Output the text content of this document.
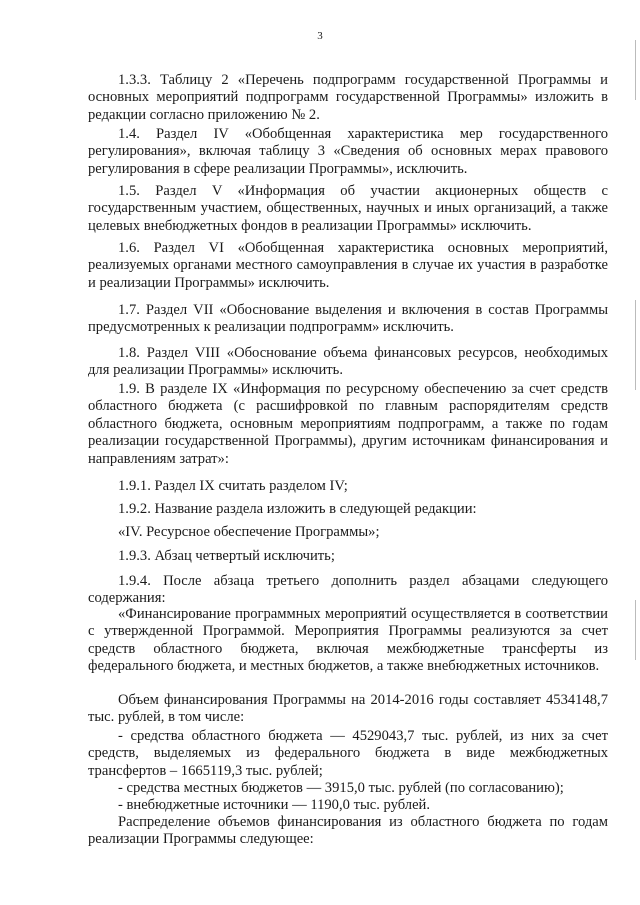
3

1.3.3. Таблицу 2 «Перечень подпрограмм государственной Программы и основных мероприятий подпрограмм государственной Программы» изложить в редакции согласно приложению № 2.

1.4. Раздел IV «Обобщенная характеристика мер государственного регулирования», включая таблицу 3 «Сведения об основных мерах правового регулирования в сфере реализации Программы», исключить.

1.5. Раздел V «Информация об участии акционерных обществ с государственным участием, общественных, научных и иных организаций, а также целевых внебюджетных фондов в реализации Программы» исключить.

1.6. Раздел VI «Обобщенная характеристика основных мероприятий, реализуемых органами местного самоуправления в случае их участия в разработке и реализации Программы» исключить.

1.7. Раздел VII «Обоснование выделения и включения в состав Программы предусмотренных к реализации подпрограмм» исключить.

1.8. Раздел VIII «Обоснование объема финансовых ресурсов, необходимых для реализации Программы» исключить.

1.9. В разделе IX «Информация по ресурсному обеспечению за счет средств областного бюджета (с расшифровкой по главным распорядителям средств областного бюджета, основным мероприятиям подпрограмм, а также по годам реализации государственной Программы), другим источникам финансирования и направлениям затрат»:

1.9.1. Раздел IX считать разделом IV;

1.9.2. Название раздела изложить в следующей редакции:

«IV. Ресурсное обеспечение Программы»;

1.9.3. Абзац четвертый исключить;

1.9.4. После абзаца третьего дополнить раздел абзацами следующего содержания:

«Финансирование программных мероприятий осуществляется в соответствии с утвержденной Программой. Мероприятия Программы реализуются за счет средств областного бюджета, включая межбюджетные трансферты из федерального бюджета, и местных бюджетов, а также внебюджетных источников.

Объем финансирования Программы на 2014-2016 годы составляет 4534148,7 тыс. рублей, в том числе:

- средства областного бюджета — 4529043,7 тыс. рублей, из них за счет средств, выделяемых из федерального бюджета в виде межбюджетных трансфертов – 1665119,3 тыс. рублей;

- средства местных бюджетов — 3915,0 тыс. рублей (по согласованию);

- внебюджетные источники — 1190,0 тыс. рублей.

Распределение объемов финансирования из областного бюджета по годам реализации Программы следующее:
